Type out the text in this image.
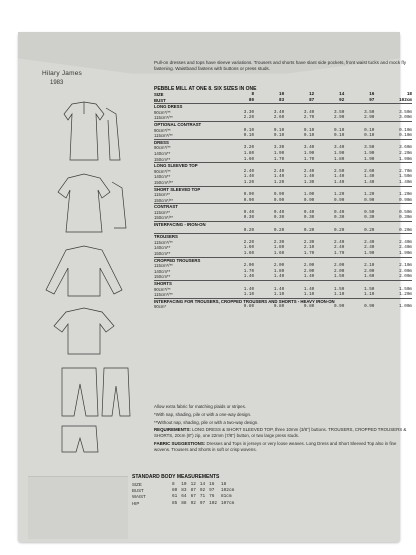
Hilary James
1983
Pull-on dresses and tops have sleeve variations. Trousers and shorts have slant side pockets, front waist tucks and mock fly fastening. Waistband fastens with buttons or press studs.
PEBBLE MILL AT ONE 8. SIX SIZES IN ONE
SIZE	8	10	12	14	16	18
BUST	80	83	87	92	97	102cm
LONG DRESS						
90cm*/**	3.30	3.40	3.40	3.50	3.50	3.50m
115cm*/**	2.20	2.60	2.70	2.90	2.90	3.00m
OPTIONAL CONTRAST						
90cm*/**	0.10	0.10	0.10	0.10	0.10	0.10m
115cm*/**	0.10	0.10	0.10	0.10	0.10	0.10m
DRESS						
90cm*/**	3.20	3.30	3.40	3.40	3.50	3.60m
140cm**	1.80	1.90	1.90	1.90	1.90	2.20m
150cm**	1.60	1.70	1.70	1.80	1.90	1.90m
LONG SLEEVED TOP						
90cm*/**	2.40	2.40	2.40	2.50	2.60	2.70m
140cm**	1.40	1.40	1.40	1.40	1.40	1.50m
150cm*/**	1.20	1.20	1.30	1.40	1.40	1.40m
SHORT SLEEVED TOP						
115cm**	0.90	0.90	1.00	1.20	1.20	1.20m
150cm*/**	0.90	0.90	0.90	0.90	0.90	0.90m
CONTRAST						
115cm**	0.40	0.40	0.40	0.40	0.50	0.50m
150cm*/**	0.30	0.30	0.30	0.30	0.30	0.30m
INTERFACING - IRON-ON						
	0.20	0.20	0.20	0.20	0.20	0.20m
TROUSERS						
115cm*/**	2.20	2.30	2.30	2.40	2.40	2.40m
140cm**	1.60	1.80	2.10	2.40	2.40	2.40m
150cm**	1.60	1.60	1.70	1.70	1.90	1.90m
CROPPED TROUSERS						
115cm*/**	2.00	2.00	2.00	2.00	2.10	2.10m
140cm**	1.70	1.80	2.00	2.00	2.00	2.00m
150cm**	1.40	1.40	1.40	1.50	1.60	2.00m
SHORTS						
90cm*/**	1.40	1.40	1.40	1.50	1.50	1.50m
115cm*/**	1.10	1.10	1.10	1.10	1.10	1.20m
INTERFACING FOR TROUSERS, CROPPED TROUSERS AND SHORTS - HEAVY IRON-ON						
90cm*	0.80	0.80	0.80	0.90	0.90	1.00m

Allow extra fabric for matching plaids or stripes.

*With nap, shading, pile or with a one-way design.

**Without nap, shading, pile or with a two-way design.

REQUIREMENTS: LONG DRESS & SHORT SLEEVED TOP, three 10mm (3/8") buttons. TROUSERS, CROPPED TROUSERS & SHORTS, 20cm (8") zip, one 22mm (7/8") button, or two large press studs.

FABRIC SUGGESTIONS: Dresses and Tops in jerseys or very loose weaves. Long Dress and Short Sleeved Top also in fine wovens. Trousers and Shorts in soft or crisp wovens.

STANDARD BODY MEASUREMENTS
SIZE	8	10	12	14	16	18
BUST	80	83	87	92	97	102cm
WAIST	61	64	67	71	76	81cm
HIP	85	88	92	97	102	107cm
